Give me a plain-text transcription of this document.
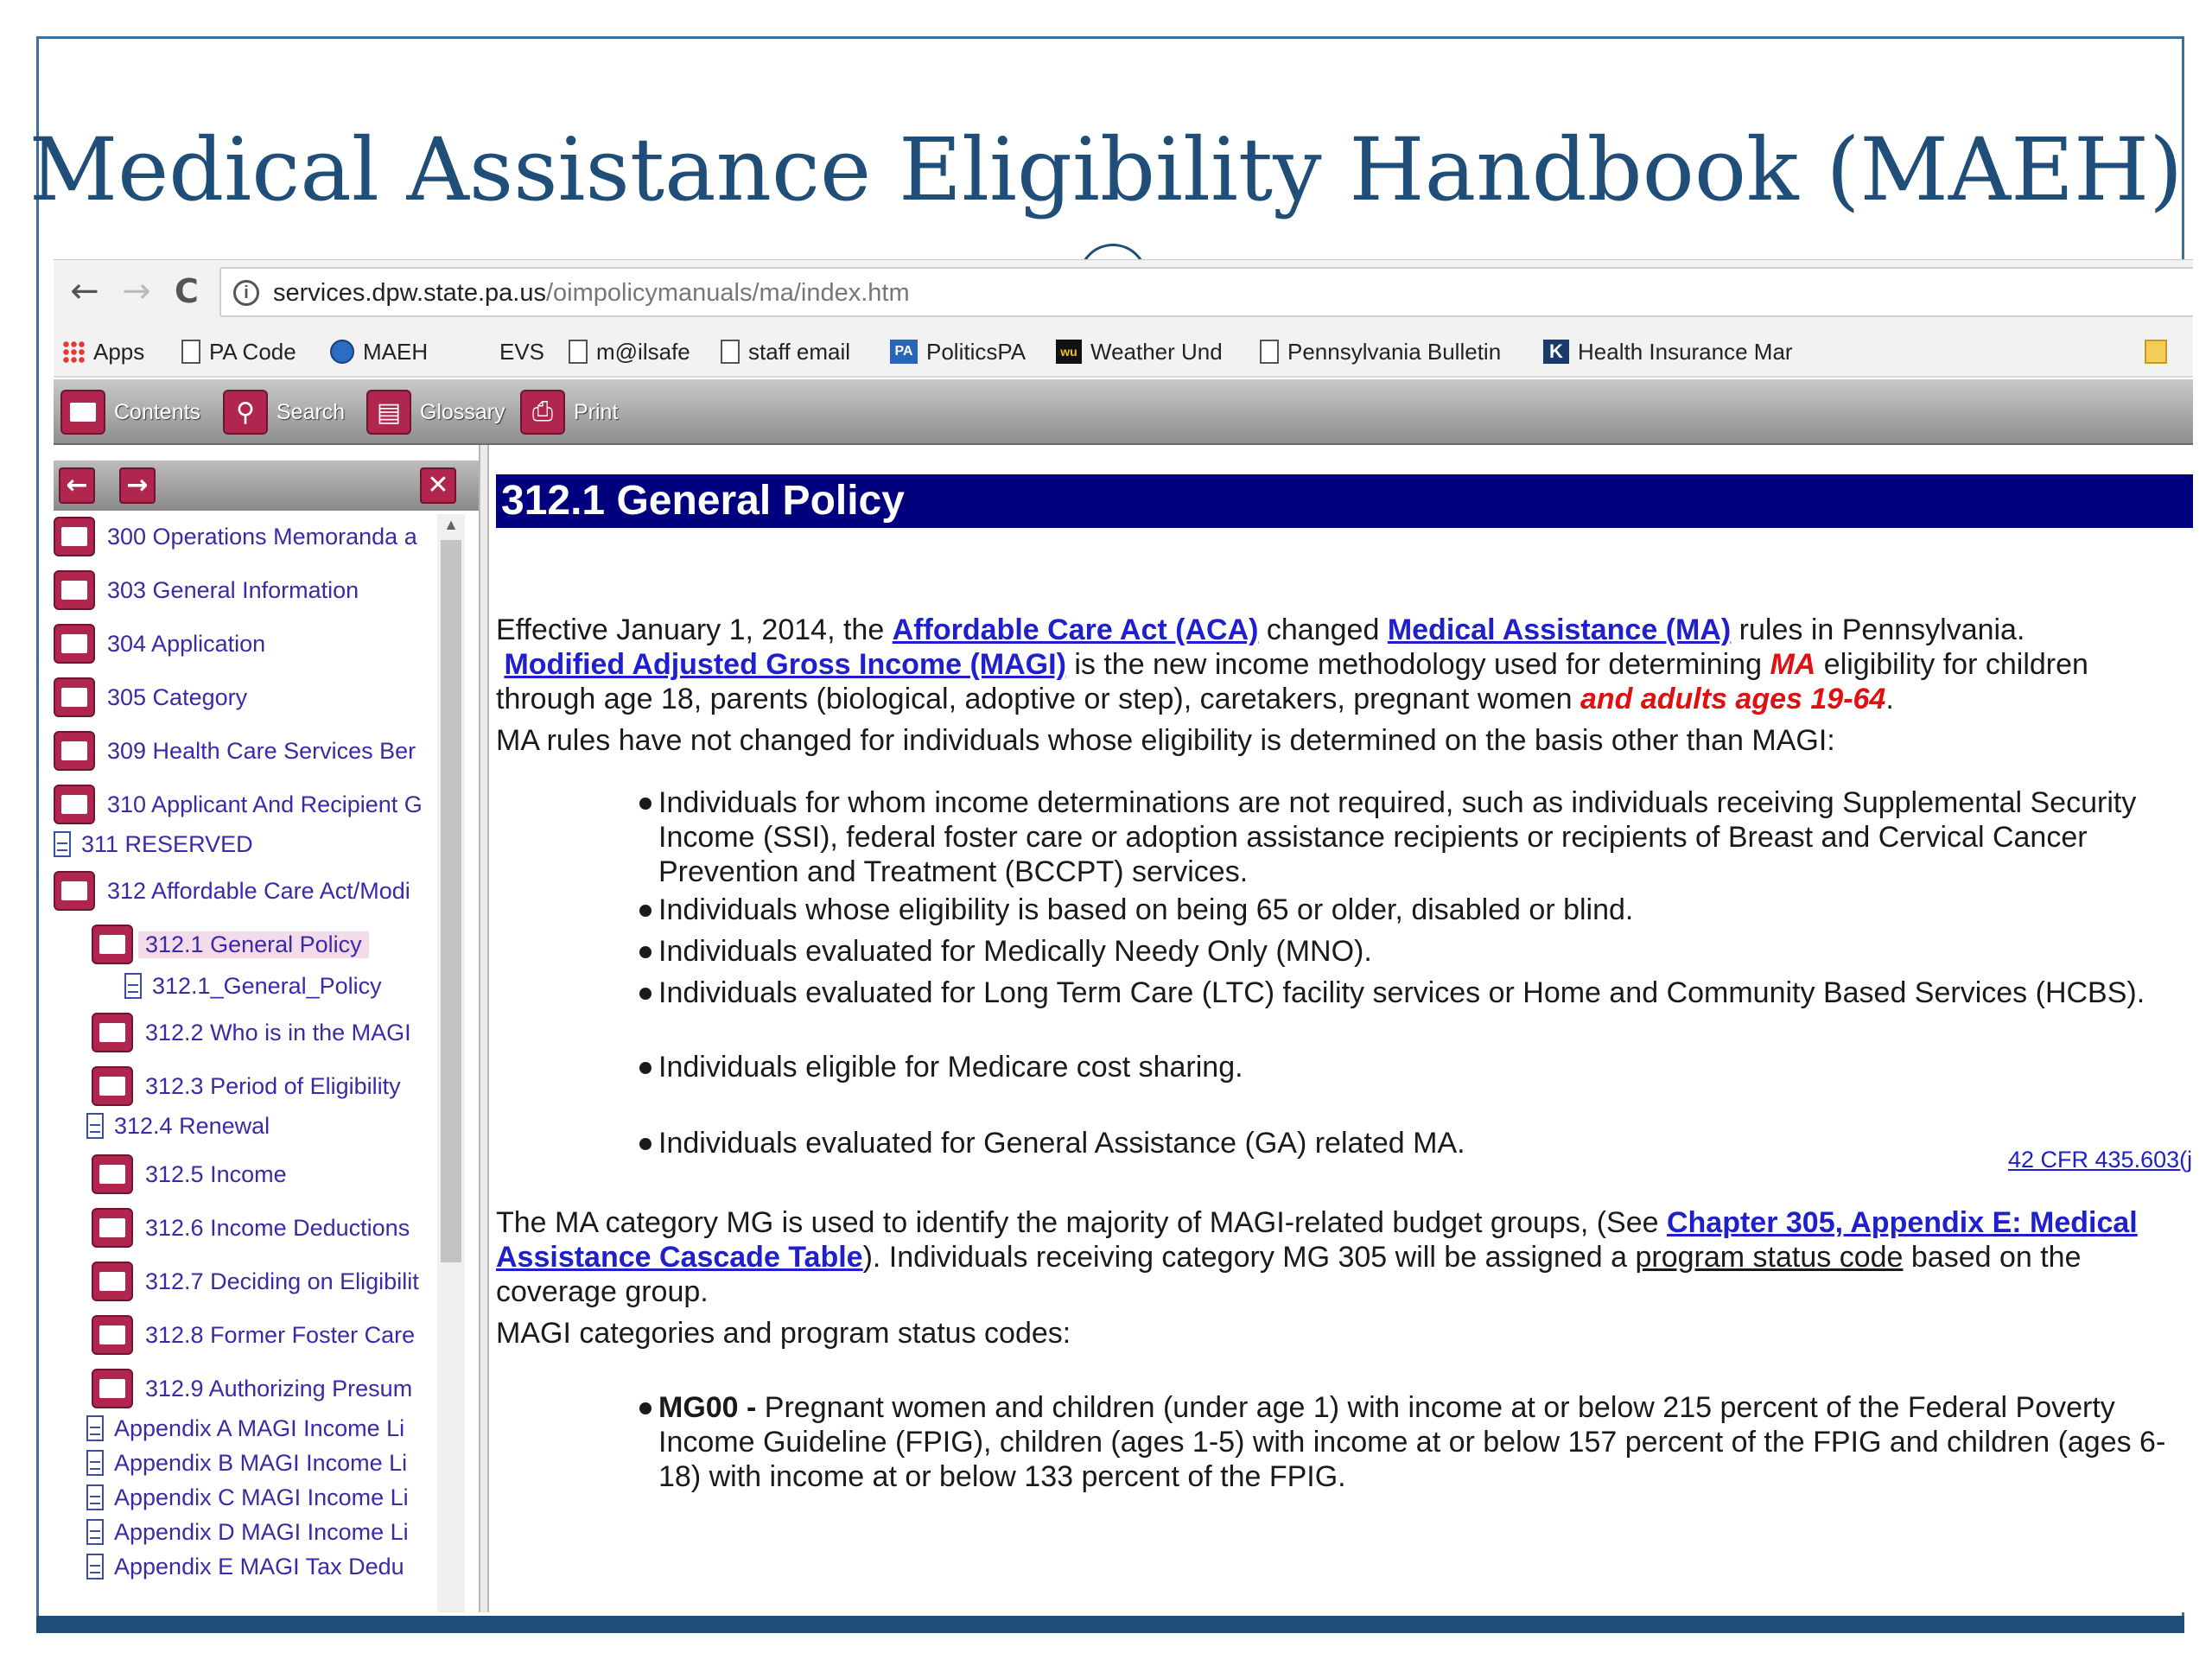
Medical Assistance Eligibility Handbook (MAEH)
← → C	i services.dpw.state.pa.us/oimpolicymanuals/ma/index.htm
Apps	PA Code	MAEH	EVS m@ilsafe	staff email	PA PoliticsPA	wu Weather Und	Pennsylvania Bulletin	K Health Insurance Mar
Contents	⚲	Search	▤ Glossary	⎙ Print
← →	✕
300 Operations Memoranda a
303 General Information
304 Application
305 Category
309 Health Care Services Ber
310 Applicant And Recipient G
311 RESERVED
312 Affordable Care Act/Modi
312.1 General Policy
312.1_General_Policy
312.2 Who is in the MAGI
312.3 Period of Eligibility
312.4 Renewal
312.5 Income
312.6 Income Deductions
312.7 Deciding on Eligibilit
312.8 Former Foster Care
312.9 Authorizing Presum
Appendix A MAGI Income Li
Appendix B MAGI Income Li
Appendix C MAGI Income Li
Appendix D MAGI Income Li
Appendix E MAGI Tax Dedu
▲
312.1 General Policy
Effective January 1, 2014, the Affordable Care Act (ACA) changed Medical Assistance (MA) rules in Pennsylvania.
Modified Adjusted Gross Income (MAGI) is the new income methodology used for determining MA eligibility for children through age 18, parents (biological, adoptive or step), caretakers, pregnant women and adults ages 19-64.
MA rules have not changed for individuals whose eligibility is determined on the basis other than MAGI:
Individuals for whom income determinations are not required, such as individuals receiving Supplemental Security Income (SSI), federal foster care or adoption assistance recipients or recipients of Breast and Cervical Cancer Prevention and Treatment (BCCPT) services.
Individuals whose eligibility is based on being 65 or older, disabled or blind.
Individuals evaluated for Medically Needy Only (MNO).
Individuals evaluated for Long Term Care (LTC) facility services or Home and Community Based Services (HCBS).
Individuals eligible for Medicare cost sharing.
42 CFR 435.603(j
Individuals evaluated for General Assistance (GA) related MA.
The MA category MG is used to identify the majority of MAGI-related budget groups, (See Chapter 305, Appendix E: Medical Assistance Cascade Table). Individuals receiving category MG 305 will be assigned a program status code based on the coverage group.
MAGI categories and program status codes:
MG00 - Pregnant women and children (under age 1) with income at or below 215 percent of the Federal Poverty Income Guideline (FPIG), children (ages 1-5) with income at or below 157 percent of the FPIG and children (ages 6-18) with income at or below 133 percent of the FPIG.
